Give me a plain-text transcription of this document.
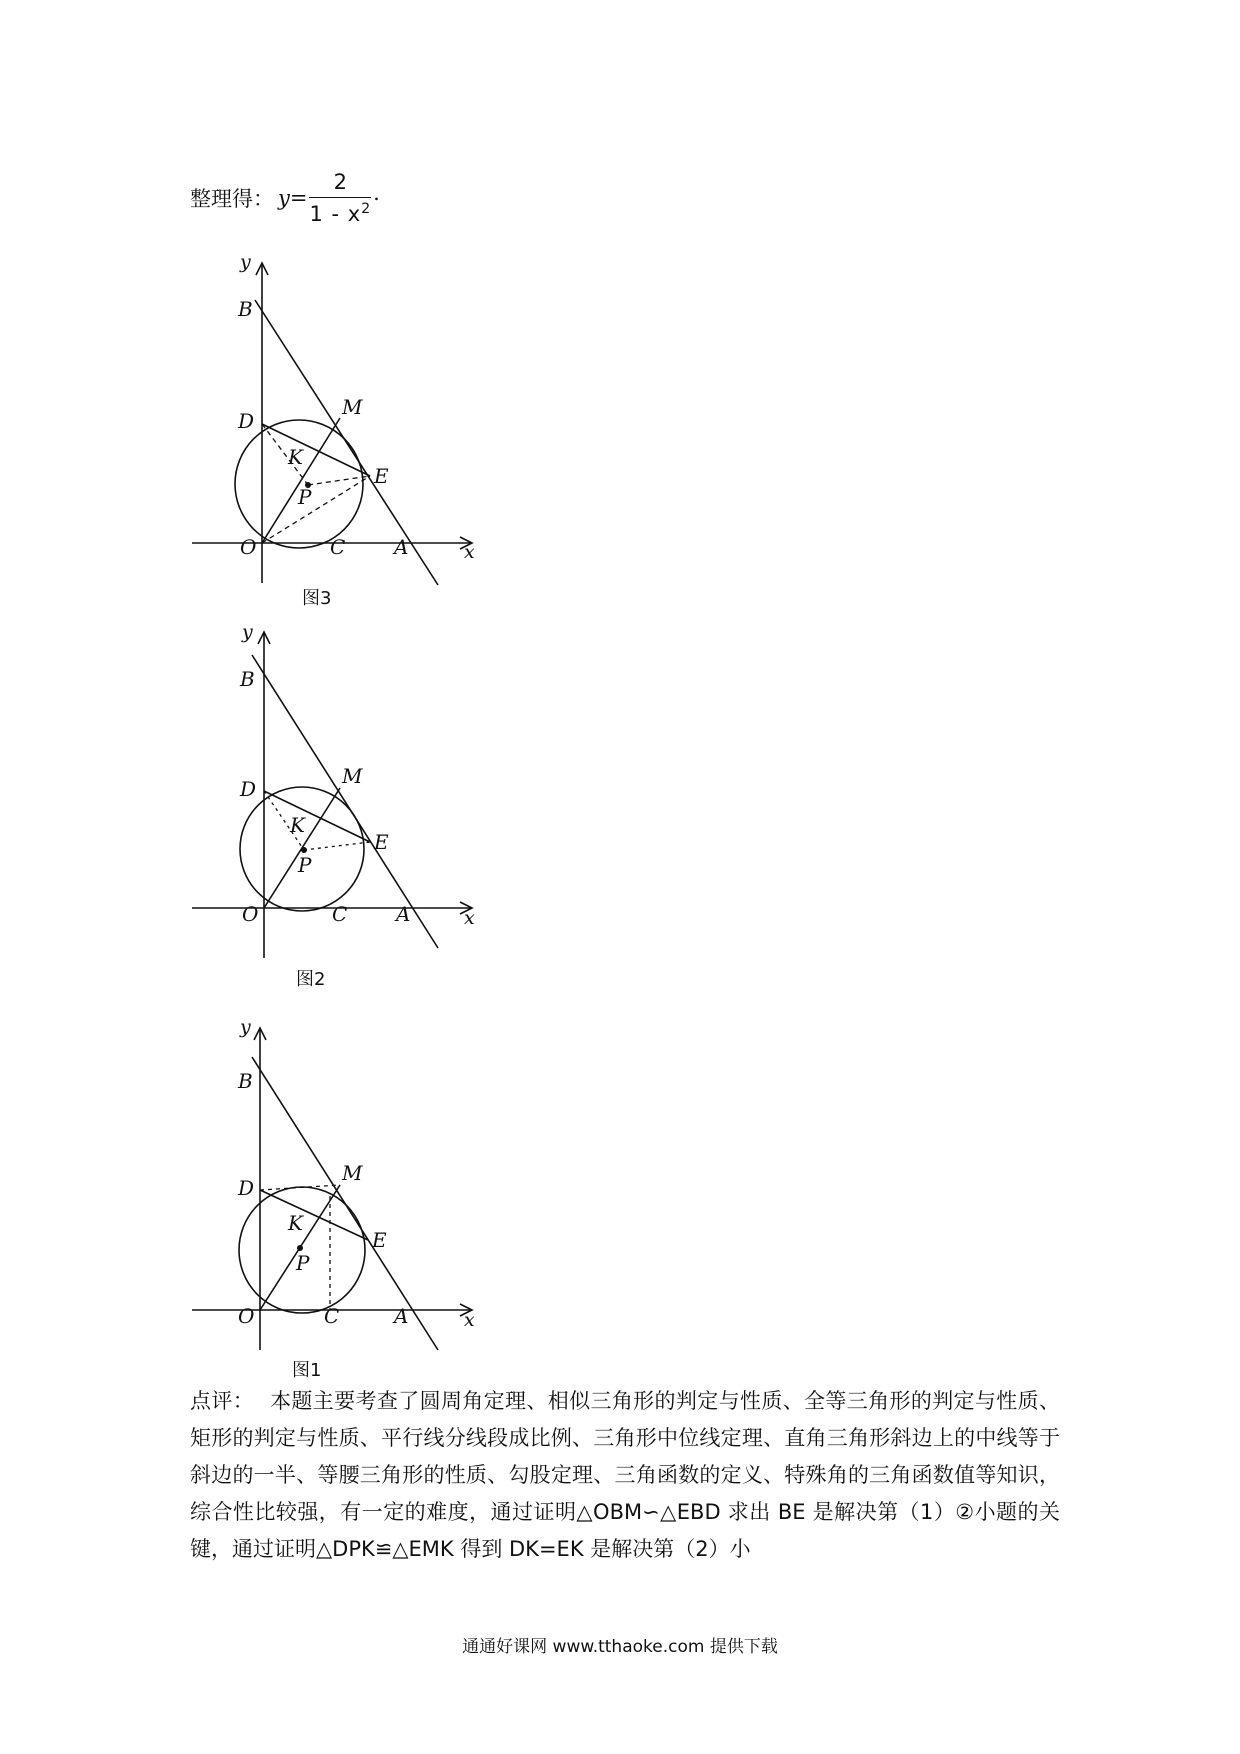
整理得： $y= \frac{2}{1 - x^2}$ .
y
x
B
D
M
K
E
P
O	C A
图3
y
x
B
D
M
K
E
P
O	C A
图2
y
x
B
D
M
K
E
P
O	C	A
图1
点评： 本题主要考查了圆周角定理、相似三角形的判定与性质、全等三角形的判定与性质、矩形的判定与性质、平行线分线段成比例、三角形中位线定理、直角三角形斜边上的中线等于斜边的一半、等腰三角形的性质、勾股定理、三角函数的定义、特殊角的三角函数值等知识，综合性比较强，有一定的难度，通过证明△OBM∽△EBD 求出 BE 是解决第（1）②小题的关键，通过证明△DPK≌△EMK 得到 DK=EK 是解决第（2）小
通通好课网 www.tthaoke.com 提供下载
